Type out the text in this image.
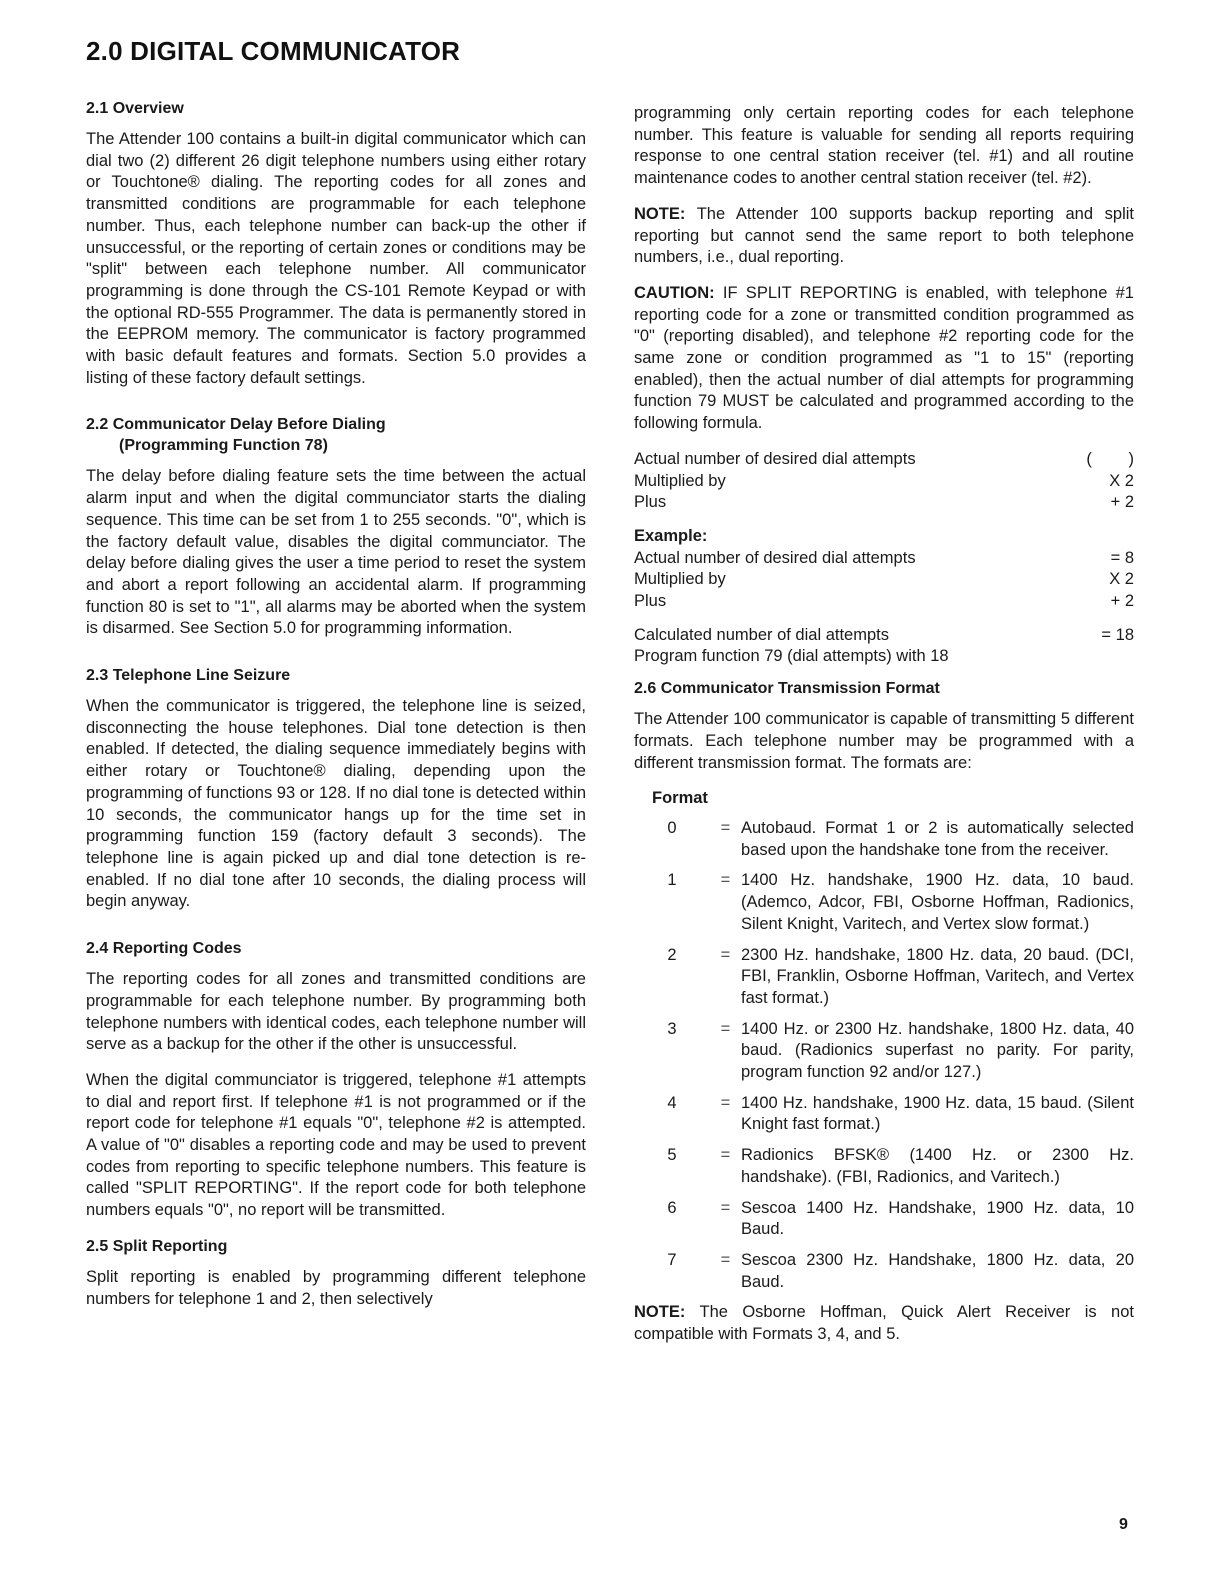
2.0 DIGITAL COMMUNICATOR
2.1 Overview

The Attender 100 contains a built-in digital communicator which can dial two (2) different 26 digit telephone numbers using either rotary or Touchtone® dialing. The reporting codes for all zones and transmitted conditions are programmable for each telephone number. Thus, each telephone number can back-up the other if unsuccessful, or the reporting of certain zones or conditions may be "split" between each telephone number. All communicator programming is done through the CS-101 Remote Keypad or with the optional RD-555 Programmer. The data is permanently stored in the EEPROM memory. The communicator is factory programmed with basic default features and formats. Section 5.0 provides a listing of these factory default settings.

2.2 Communicator Delay Before Dialing
(Programming Function 78)

The delay before dialing feature sets the time between the actual alarm input and when the digital communciator starts the dialing sequence. This time can be set from 1 to 255 seconds. "0", which is the factory default value, disables the digital communciator. The delay before dialing gives the user a time period to reset the system and abort a report following an accidental alarm. If programming function 80 is set to "1", all alarms may be aborted when the system is disarmed. See Section 5.0 for programming information.

2.3 Telephone Line Seizure

When the communicator is triggered, the telephone line is seized, disconnecting the house telephones. Dial tone detection is then enabled. If detected, the dialing sequence immediately begins with either rotary or Touchtone® dialing, depending upon the programming of functions 93 or 128. If no dial tone is detected within 10 seconds, the communicator hangs up for the time set in programming function 159 (factory default 3 seconds). The telephone line is again picked up and dial tone detection is re-enabled. If no dial tone after 10 seconds, the dialing process will begin anyway.

2.4 Reporting Codes

The reporting codes for all zones and transmitted conditions are programmable for each telephone number. By programming both telephone numbers with identical codes, each telephone number will serve as a backup for the other if the other is unsuccessful.

When the digital communciator is triggered, telephone #1 attempts to dial and report first. If telephone #1 is not programmed or if the report code for telephone #1 equals "0", telephone #2 is attempted. A value of "0" disables a reporting code and may be used to prevent codes from reporting to specific telephone numbers. This feature is called "SPLIT REPORTING". If the report code for both telephone numbers equals "0", no report will be transmitted.

2.5 Split Reporting

Split reporting is enabled by programming different telephone numbers for telephone 1 and 2, then selectively

programming only certain reporting codes for each telephone number. This feature is valuable for sending all reports requiring response to one central station receiver (tel. #1) and all routine maintenance codes to another central station receiver (tel. #2).

NOTE: The Attender 100 supports backup reporting and split reporting but cannot send the same report to both telephone numbers, i.e., dual reporting.

CAUTION: IF SPLIT REPORTING is enabled, with telephone #1 reporting code for a zone or transmitted condition programmed as "0" (reporting disabled), and telephone #2 reporting code for the same zone or condition programmed as "1 to 15" (reporting enabled), then the actual number of dial attempts for programming function 79 MUST be calculated and programmed according to the following formula.

Actual number of desired dial attempts	(        )
Multiplied by	X 2
Plus	+ 2
Example:
Actual number of desired dial attempts	= 8
Multiplied by	X 2
Plus	+ 2
Calculated number of dial attempts	= 18
Program function 79 (dial attempts) with 18
2.6 Communicator Transmission Format

The Attender 100 communicator is capable of transmitting 5 different formats. Each telephone number may be programmed with a different transmission format. The formats are:

Format
0	= Autobaud. Format 1 or 2 is automatically selected based upon the handshake tone from the receiver.
1	= 1400 Hz. handshake, 1900 Hz. data, 10 baud. (Ademco, Adcor, FBI, Osborne Hoffman, Radionics, Silent Knight, Varitech, and Vertex slow format.)
2	= 2300 Hz. handshake, 1800 Hz. data, 20 baud. (DCI, FBI, Franklin, Osborne Hoffman, Varitech, and Vertex fast format.)
3	= 1400 Hz. or 2300 Hz. handshake, 1800 Hz. data, 40 baud. (Radionics superfast no parity. For parity, program function 92 and/or 127.)
4	= 1400 Hz. handshake, 1900 Hz. data, 15 baud. (Silent Knight fast format.)
5	= Radionics BFSK® (1400 Hz. or 2300 Hz. handshake). (FBI, Radionics, and Varitech.)
6	= Sescoa 1400 Hz. Handshake, 1900 Hz. data, 10 Baud.
7	= Sescoa 2300 Hz. Handshake, 1800 Hz. data, 20 Baud.

NOTE: The Osborne Hoffman, Quick Alert Receiver is not compatible with Formats 3, 4, and 5.

9
